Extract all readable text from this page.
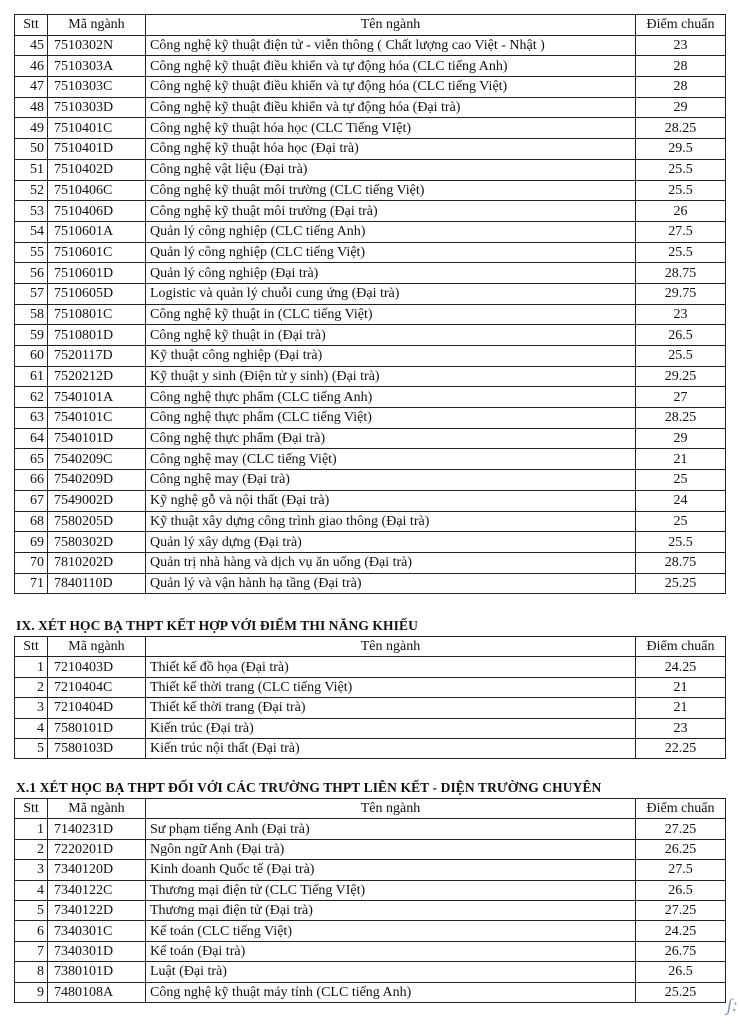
Stt	Mã ngành	Tên ngành	Điểm chuẩn
45	7510302N	Công nghệ kỹ thuật điện tử - viễn thông ( Chất lượng cao Việt - Nhật )	23
46	7510303A	Công nghệ kỹ thuật điều khiển và tự động hóa (CLC tiếng Anh)	28
47	7510303C	Công nghệ kỹ thuật điều khiển và tự động hóa (CLC tiếng Việt)	28
48	7510303D	Công nghệ kỹ thuật điều khiển và tự động hóa (Đại trà)	29
49	7510401C	Công nghệ kỹ thuật hóa học (CLC Tiếng VIệt)	28.25
50	7510401D	Công nghệ kỹ thuật hóa học (Đại trà)	29.5
51	7510402D	Công nghệ vật liệu (Đại trà)	25.5
52	7510406C	Công nghệ kỹ thuật môi trường (CLC tiếng Việt)	25.5
53	7510406D	Công nghệ kỹ thuật môi trường (Đại trà)	26
54	7510601A	Quản lý công nghiệp (CLC tiếng Anh)	27.5
55	7510601C	Quản lý công nghiệp (CLC tiếng Việt)	25.5
56	7510601D	Quản lý công nghiệp (Đại trà)	28.75
57	7510605D	Logistic và quản lý chuỗi cung ứng (Đại trà)	29.75
58	7510801C	Công nghệ kỹ thuật in (CLC tiếng Việt)	23
59	7510801D	Công nghệ kỹ thuật in (Đại trà)	26.5
60	7520117D	Kỹ thuật công nghiệp (Đại trà)	25.5
61	7520212D	Kỹ thuật y sinh (Điện tử y sinh) (Đại trà)	29.25
62	7540101A	Công nghệ thực phẩm (CLC tiếng Anh)	27
63	7540101C	Công nghệ thực phẩm (CLC tiếng Việt)	28.25
64	7540101D	Công nghệ thực phẩm (Đại trà)	29
65	7540209C	Công nghệ may (CLC tiếng Việt)	21
66	7540209D	Công nghệ may (Đại trà)	25
67	7549002D	Kỹ nghệ gỗ và nội thất (Đại trà)	24
68	7580205D	Kỹ thuật xây dựng công trình giao thông (Đại trà)	25
69	7580302D	Quản lý xây dựng (Đại trà)	25.5
70	7810202D	Quản trị nhà hàng và dịch vụ ăn uống (Đại trà)	28.75
71	7840110D	Quản lý và vận hành hạ tầng (Đại trà)	25.25
IX. XÉT HỌC BẠ THPT KẾT HỢP VỚI ĐIỂM THI NĂNG KHIẾU
Stt	Mã ngành	Tên ngành	Điểm chuẩn
1	7210403D	Thiết kế đồ họa (Đại trà)	24.25
2	7210404C	Thiết kế thời trang (CLC tiếng Việt)	21
3	7210404D	Thiết kế thời trang (Đại trà)	21
4	7580101D	Kiến trúc (Đại trà)	23
5	7580103D	Kiến trúc nội thất (Đại trà)	22.25
X.1 XÉT HỌC BẠ THPT ĐỐI VỚI CÁC TRƯỜNG THPT LIÊN KẾT - DIỆN TRƯỜNG CHUYÊN
Stt	Mã ngành	Tên ngành	Điểm chuẩn
1	7140231D	Sư phạm tiếng Anh (Đại trà)	27.25
2	7220201D	Ngôn ngữ Anh (Đại trà)	26.25
3	7340120D	Kinh doanh Quốc tế (Đại trà)	27.5
4	7340122C	Thương mại điện tử (CLC Tiếng VIệt)	26.5
5	7340122D	Thương mại điện tử (Đại trà)	27.25
6	7340301C	Kế toán (CLC tiếng Việt)	24.25
7	7340301D	Kế toán (Đại trà)	26.75
8	7380101D	Luật (Đại trà)	26.5
9	7480108A	Công nghệ kỹ thuật máy tính (CLC tiếng Anh)	25.25
ʃ:
